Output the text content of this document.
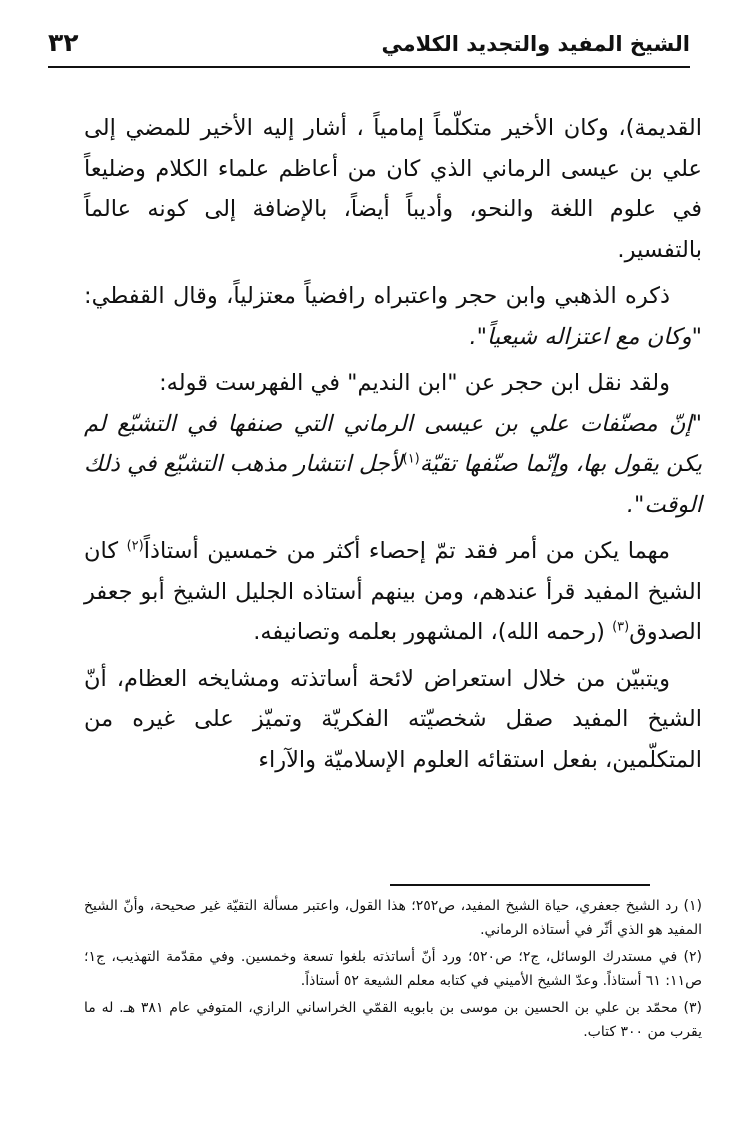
الشيخ المفيد والتجديد الكلامي
٣٢

القديمة)، وكان الأخير متكلّماً إمامياً ، أشار إليه الأخير للمضي إلى علي بن عيسى الرماني الذي كان من أعاظم علماء الكلام وضليعاً في علوم اللغة والنحو، وأديباً أيضاً، بالإضافة إلى كونه عالماً بالتفسير.

ذكره الذهبي وابن حجر واعتبراه رافضياً معتزلياً، وقال القفطي: "وكان مع اعتزاله شيعياً".

ولقد نقل ابن حجر عن "ابن النديم" في الفهرست قوله:
"إنّ مصنّفات علي بن عيسى الرماني التي صنفها في التشيّع لم يكن يقول بها، وإنّما صنّفها تقيّة$^{(١)}$لأجل انتشار مذهب التشيّع في ذلك الوقت".

مهما يكن من أمر فقد تمّ إحصاء أكثر من خمسين أستاذاً$^{(٢)}$ كان الشيخ المفيد قرأ عندهم، ومن بينهم أستاذه الجليل الشيخ أبو جعفر الصدوق$^{(٣)}$ (رحمه الله)، المشهور بعلمه وتصانيفه.

ويتبيّن من خلال استعراض لائحة أساتذته ومشايخه العظام، أنّ الشيخ المفيد صقل شخصيّته الفكريّة وتميّز على غيره من المتكلّمين، بفعل استقائه العلوم الإسلاميّة والآراء

(١) رد الشيخ جعفري، حياة الشيخ المفيد، ص٢٥٢؛ هذا القول، واعتبر مسألة التقيّة غير صحيحة، وأنّ الشيخ المفيد هو الذي أثّر في أستاذه الرماني.

(٢) في مستدرك الوسائل، ج٢؛ ص٥٢٠؛ ورد أنّ أساتذته بلغوا تسعة وخمسين. وفي مقدّمة التهذيب، ج١؛ ص١١: ٦١ أستاذاً. وعدّ الشيخ الأميني في كتابه معلم الشيعة ٥٢ أستاذاً.

(٣) محمّد بن علي بن الحسين بن موسى بن بابويه القمّي الخراساني الرازي، المتوفي عام ٣٨١ هـ. له ما يقرب من ٣٠٠ كتاب.
